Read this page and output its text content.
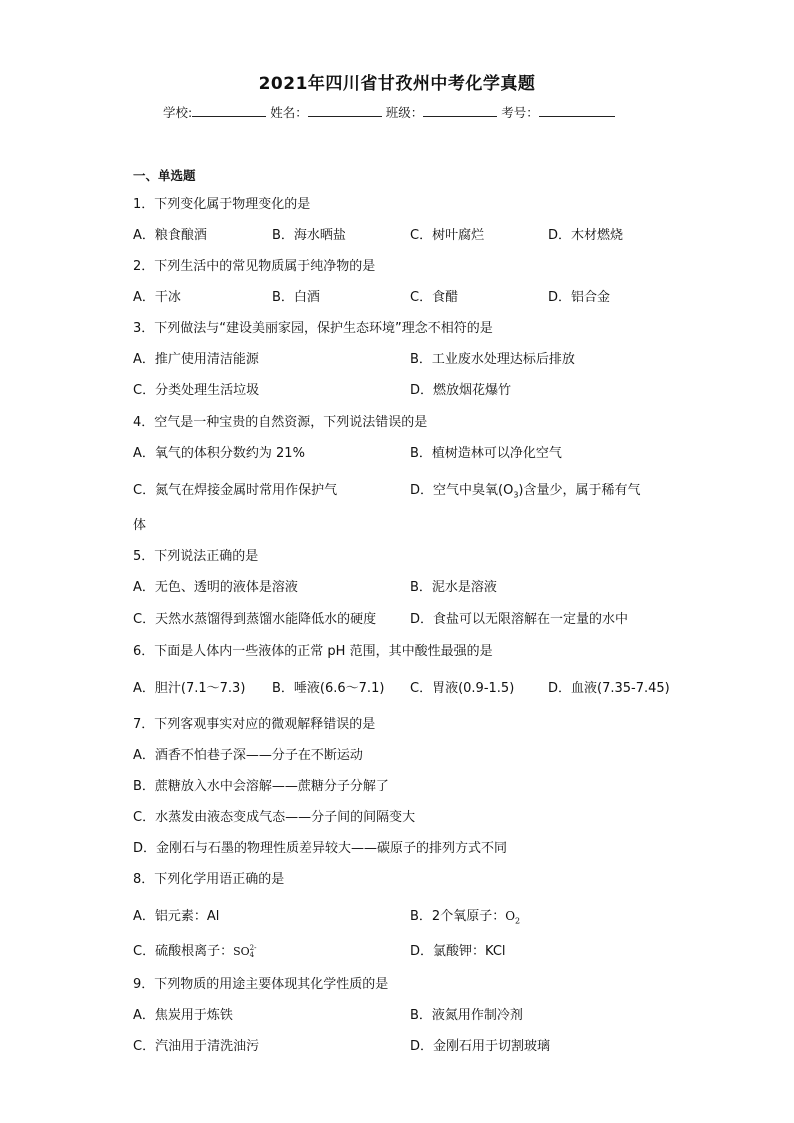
2021年四川省甘孜州中考化学真题
学校:	姓名：	班级：	考号：
一、单选题
1．下列变化属于物理变化的是
A．粮食酿酒	B．海水晒盐	C．树叶腐烂	D．木材燃烧
2．下列生活中的常见物质属于纯净物的是
A．干冰	B．白酒	C．食醋	D．铝合金
3．下列做法与“建设美丽家园，保护生态环境”理念不相符的是
A．推广使用清洁能源	B．工业废水处理达标后排放
C．分类处理生活垃圾	D．燃放烟花爆竹
4．空气是一种宝贵的自然资源，下列说法错误的是
A．氧气的体积分数约为 21%	B．植树造林可以净化空气
C．氮气在焊接金属时常用作保护气	D．空气中臭氧$(O_3)$含量少，属于稀有气
体
5．下列说法正确的是
A．无色、透明的液体是溶液	B．泥水是溶液
C．天然水蒸馏得到蒸馏水能降低水的硬度	D．食盐可以无限溶解在一定量的水中
6．下面是人体内一些液体的正常 pH 范围，其中酸性最强的是
A．胆汁(7.1～7.3) B．唾液(6.6～7.1) C．胃液(0.9-1.5)	D．血液(7.35-7.45)
7．下列客观事实对应的微观解释错误的是
A．酒香不怕巷子深——分子在不断运动
B．蔗糖放入水中会溶解——蔗糖分子分解了
C．水蒸发由液态变成气态——分子间的间隔变大
D．金刚石与石墨的物理性质差异较大——碳原子的排列方式不同
8．下列化学用语正确的是
A．铝元素：Al	B．2个氧原子：$O_2$
C．硫酸根离子：SO 2-
4	D．氯酸钾：KCl
9．下列物质的用途主要体现其化学性质的是
A．焦炭用于炼铁	B．液氮用作制冷剂
C．汽油用于清洗油污	D．金刚石用于切割玻璃
